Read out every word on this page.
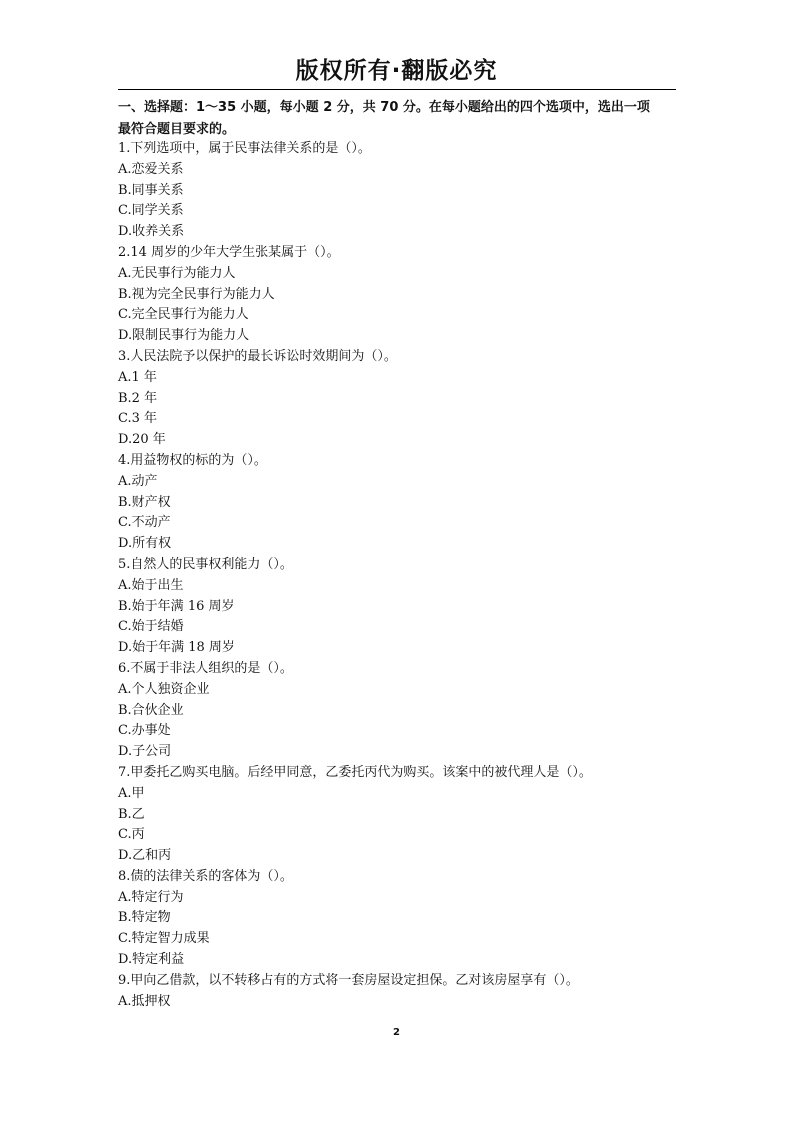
版权所有·翻版必究
一、选择题：1～35 小题，每小题 2 分，共 70 分。在每小题给出的四个选项中，选出一项
最符合题目要求的。
1.下列选项中，属于民事法律关系的是（）。
A.恋爱关系
B.同事关系
C.同学关系
D.收养关系
2.14 周岁的少年大学生张某属于（）。
A.无民事行为能力人
B.视为完全民事行为能力人
C.完全民事行为能力人
D.限制民事行为能力人
3.人民法院予以保护的最长诉讼时效期间为（）。
A.1 年
B.2 年
C.3 年
D.20 年
4.用益物权的标的为（）。
A.动产
B.财产权
C.不动产
D.所有权
5.自然人的民事权利能力（）。
A.始于出生
B.始于年满 16 周岁
C.始于结婚
D.始于年满 18 周岁
6.不属于非法人组织的是（）。
A.个人独资企业
B.合伙企业
C.办事处
D.子公司
7.甲委托乙购买电脑。后经甲同意，乙委托丙代为购买。该案中的被代理人是（）。
A.甲
B.乙
C.丙
D.乙和丙
8.债的法律关系的客体为（）。
A.特定行为
B.特定物
C.特定智力成果
D.特定利益
9.甲向乙借款，以不转移占有的方式将一套房屋设定担保。乙对该房屋享有（）。
A.抵押权
2
